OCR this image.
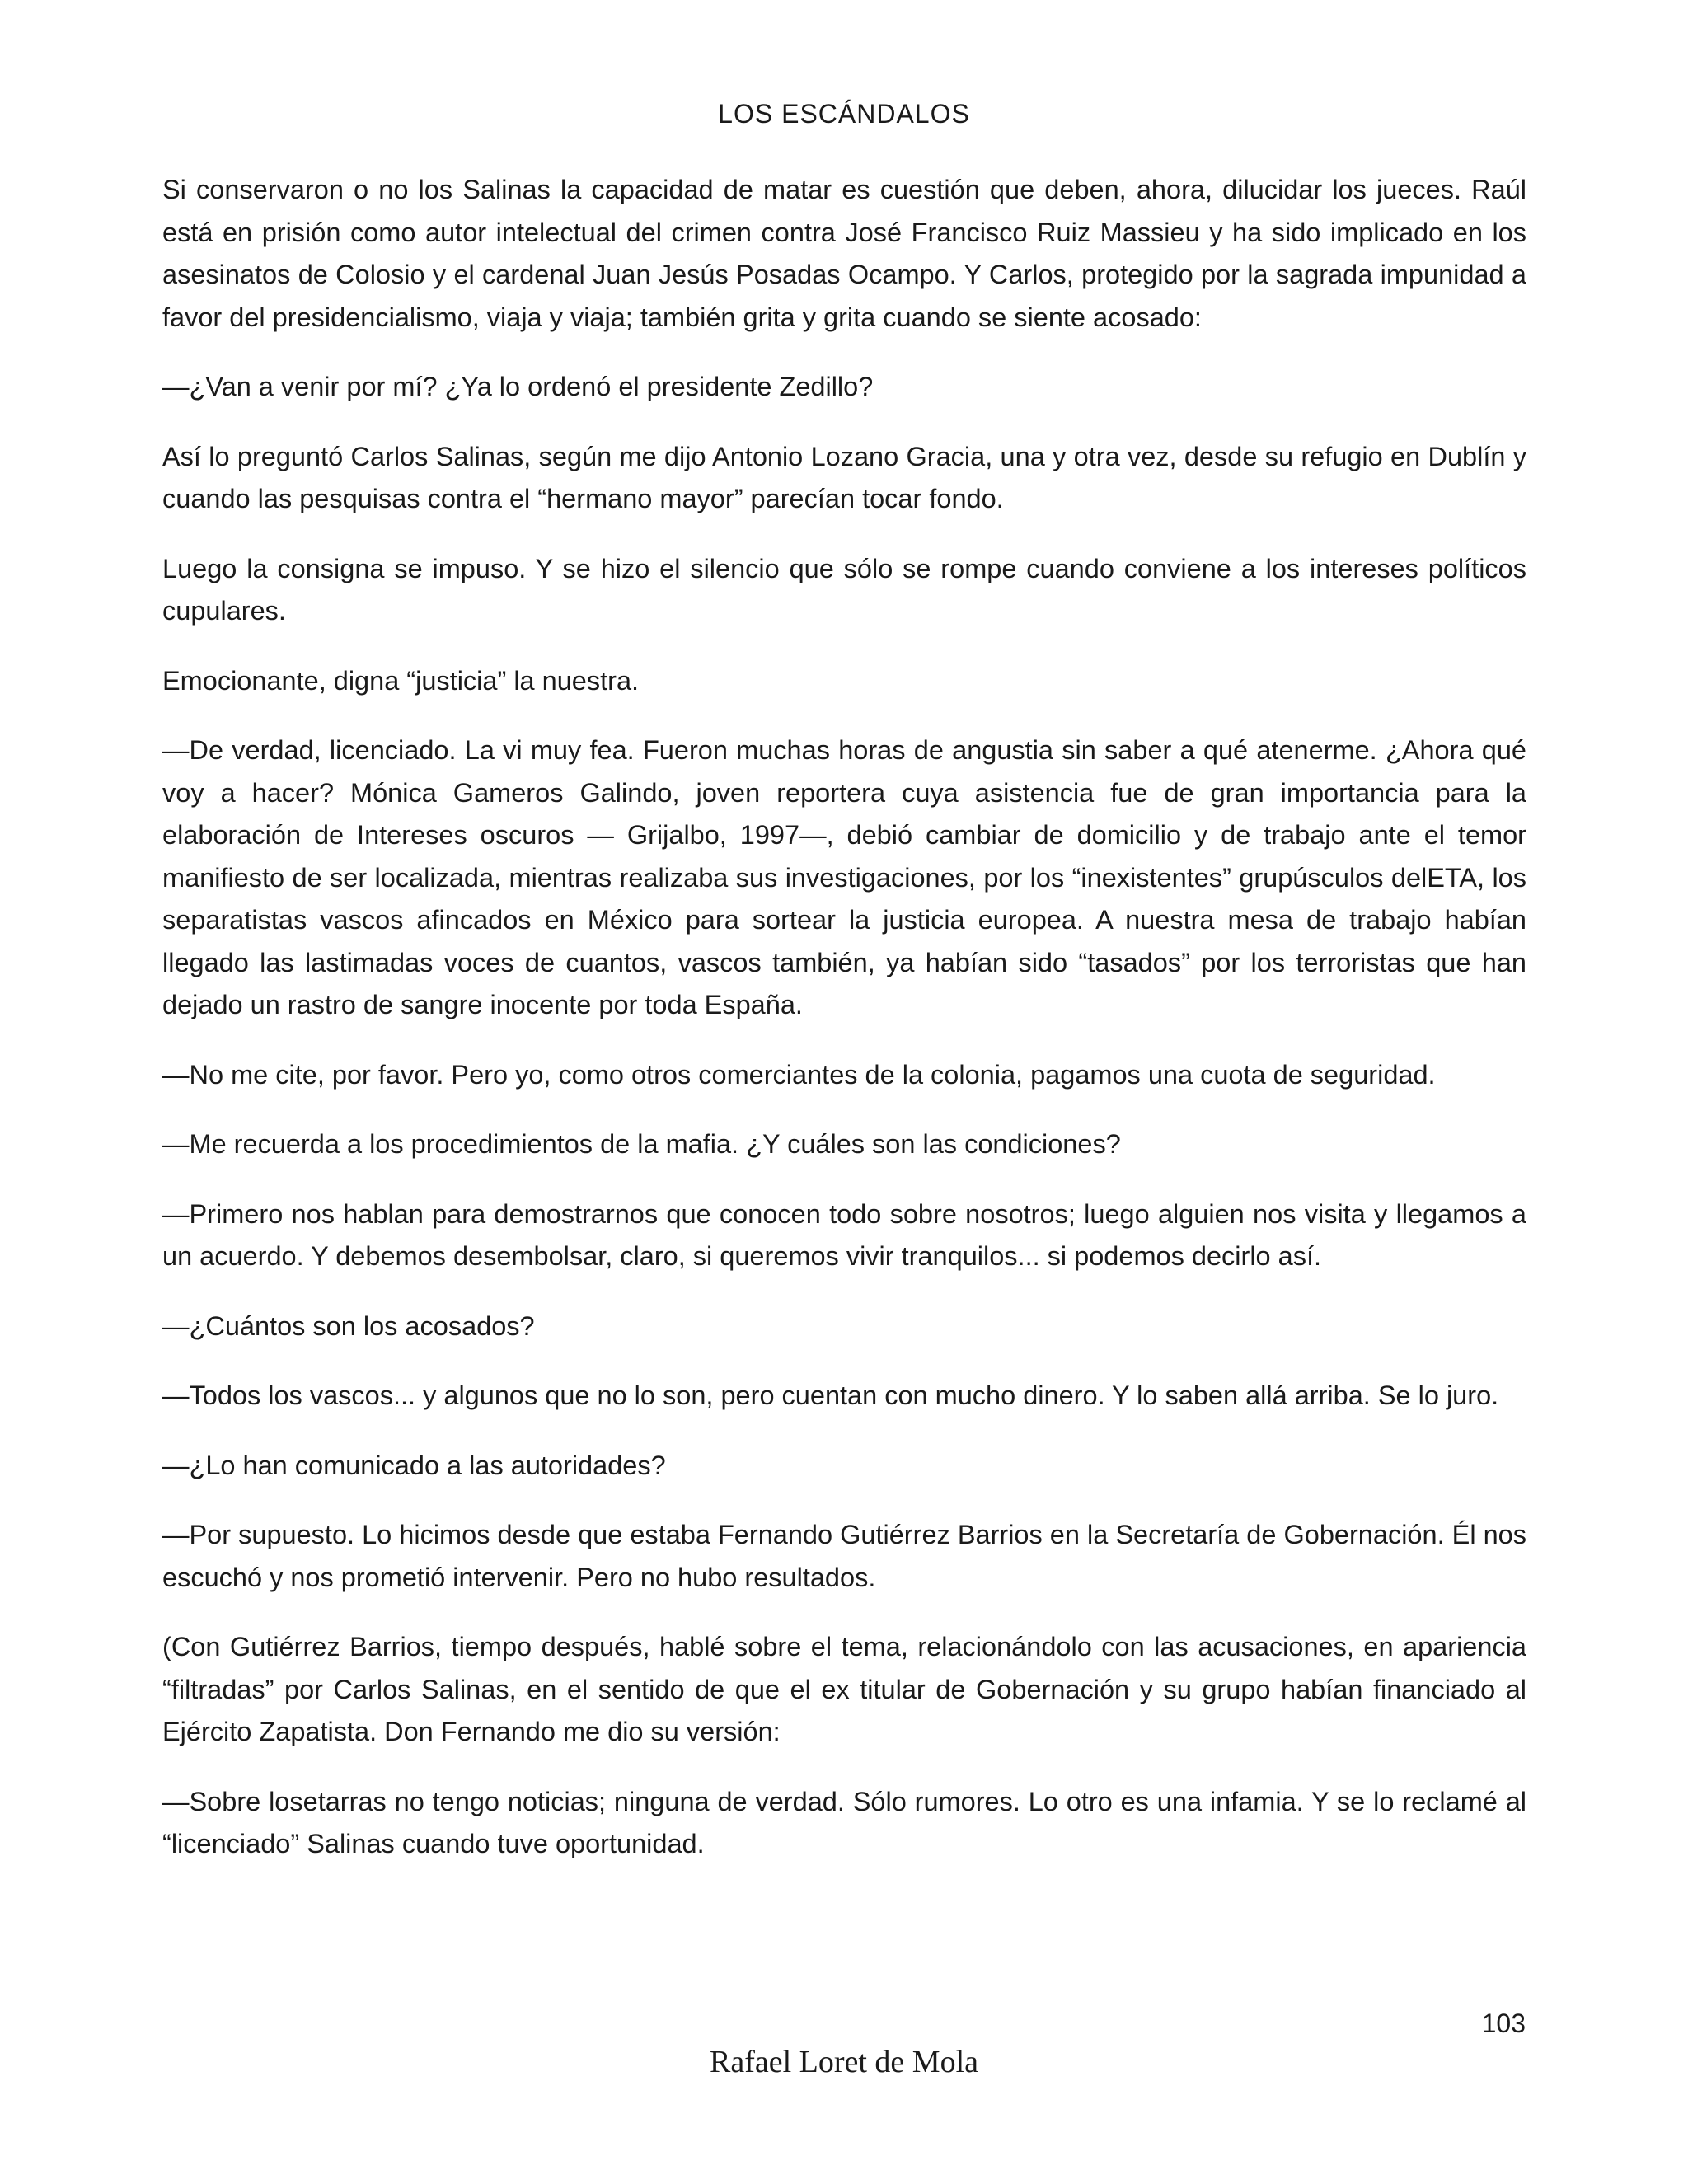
LOS ESCÁNDALOS

Si conservaron o no los Salinas la capacidad de matar es cuestión que deben, ahora, dilucidar los jueces. Raúl está en prisión como autor intelectual del crimen contra José Francisco Ruiz Massieu y ha sido implicado en los asesinatos de Colosio y el cardenal Juan Jesús Posadas Ocampo. Y Carlos, protegido por la sagrada impunidad a favor del presidencialismo, viaja y viaja; también grita y grita cuando se siente acosado:

—¿Van a venir por mí? ¿Ya lo ordenó el presidente Zedillo?

Así lo preguntó Carlos Salinas, según me dijo Antonio Lozano Gracia, una y otra vez, desde su refugio en Dublín y cuando las pesquisas contra el “hermano mayor” parecían tocar fondo.

Luego la consigna se impuso. Y se hizo el silencio que sólo se rompe cuando conviene a los intereses políticos cupulares.

Emocionante, digna “justicia” la nuestra.

—De verdad, licenciado. La vi muy fea. Fueron muchas horas de angustia sin saber a qué atenerme. ¿Ahora qué voy a hacer? Mónica Gameros Galindo, joven reportera cuya asistencia fue de gran importancia para la elaboración de Intereses oscuros — Grijalbo, 1997—, debió cambiar de domicilio y de trabajo ante el temor manifiesto de ser localizada, mientras realizaba sus investigaciones, por los “inexistentes” grupúsculos delETA, los separatistas vascos afincados en México para sortear la justicia europea. A nuestra mesa de trabajo habían llegado las lastimadas voces de cuantos, vascos también, ya habían sido “tasados” por los terroristas que han dejado un rastro de sangre inocente por toda España.

—No me cite, por favor. Pero yo, como otros comerciantes de la colonia, pagamos una cuota de seguridad.

—Me recuerda a los procedimientos de la mafia. ¿Y cuáles son las condiciones?

—Primero nos hablan para demostrarnos que conocen todo sobre nosotros; luego alguien nos visita y llegamos a un acuerdo. Y debemos desembolsar, claro, si queremos vivir tranquilos... si podemos decirlo así.

—¿Cuántos son los acosados?

—Todos los vascos... y algunos que no lo son, pero cuentan con mucho dinero. Y lo saben allá arriba. Se lo juro.

—¿Lo han comunicado a las autoridades?

—Por supuesto. Lo hicimos desde que estaba Fernando Gutiérrez Barrios en la Secretaría de Gobernación. Él nos escuchó y nos prometió intervenir. Pero no hubo resultados.

(Con Gutiérrez Barrios, tiempo después, hablé sobre el tema, relacionándolo con las acusaciones, en apariencia “filtradas” por Carlos Salinas, en el sentido de que el ex titular de Gobernación y su grupo habían financiado al Ejército Zapatista. Don Fernando me dio su versión:

—Sobre losetarras no tengo noticias; ninguna de verdad. Sólo rumores. Lo otro es una infamia. Y se lo reclamé al “licenciado” Salinas cuando tuve oportunidad.

103
Rafael Loret de Mola
